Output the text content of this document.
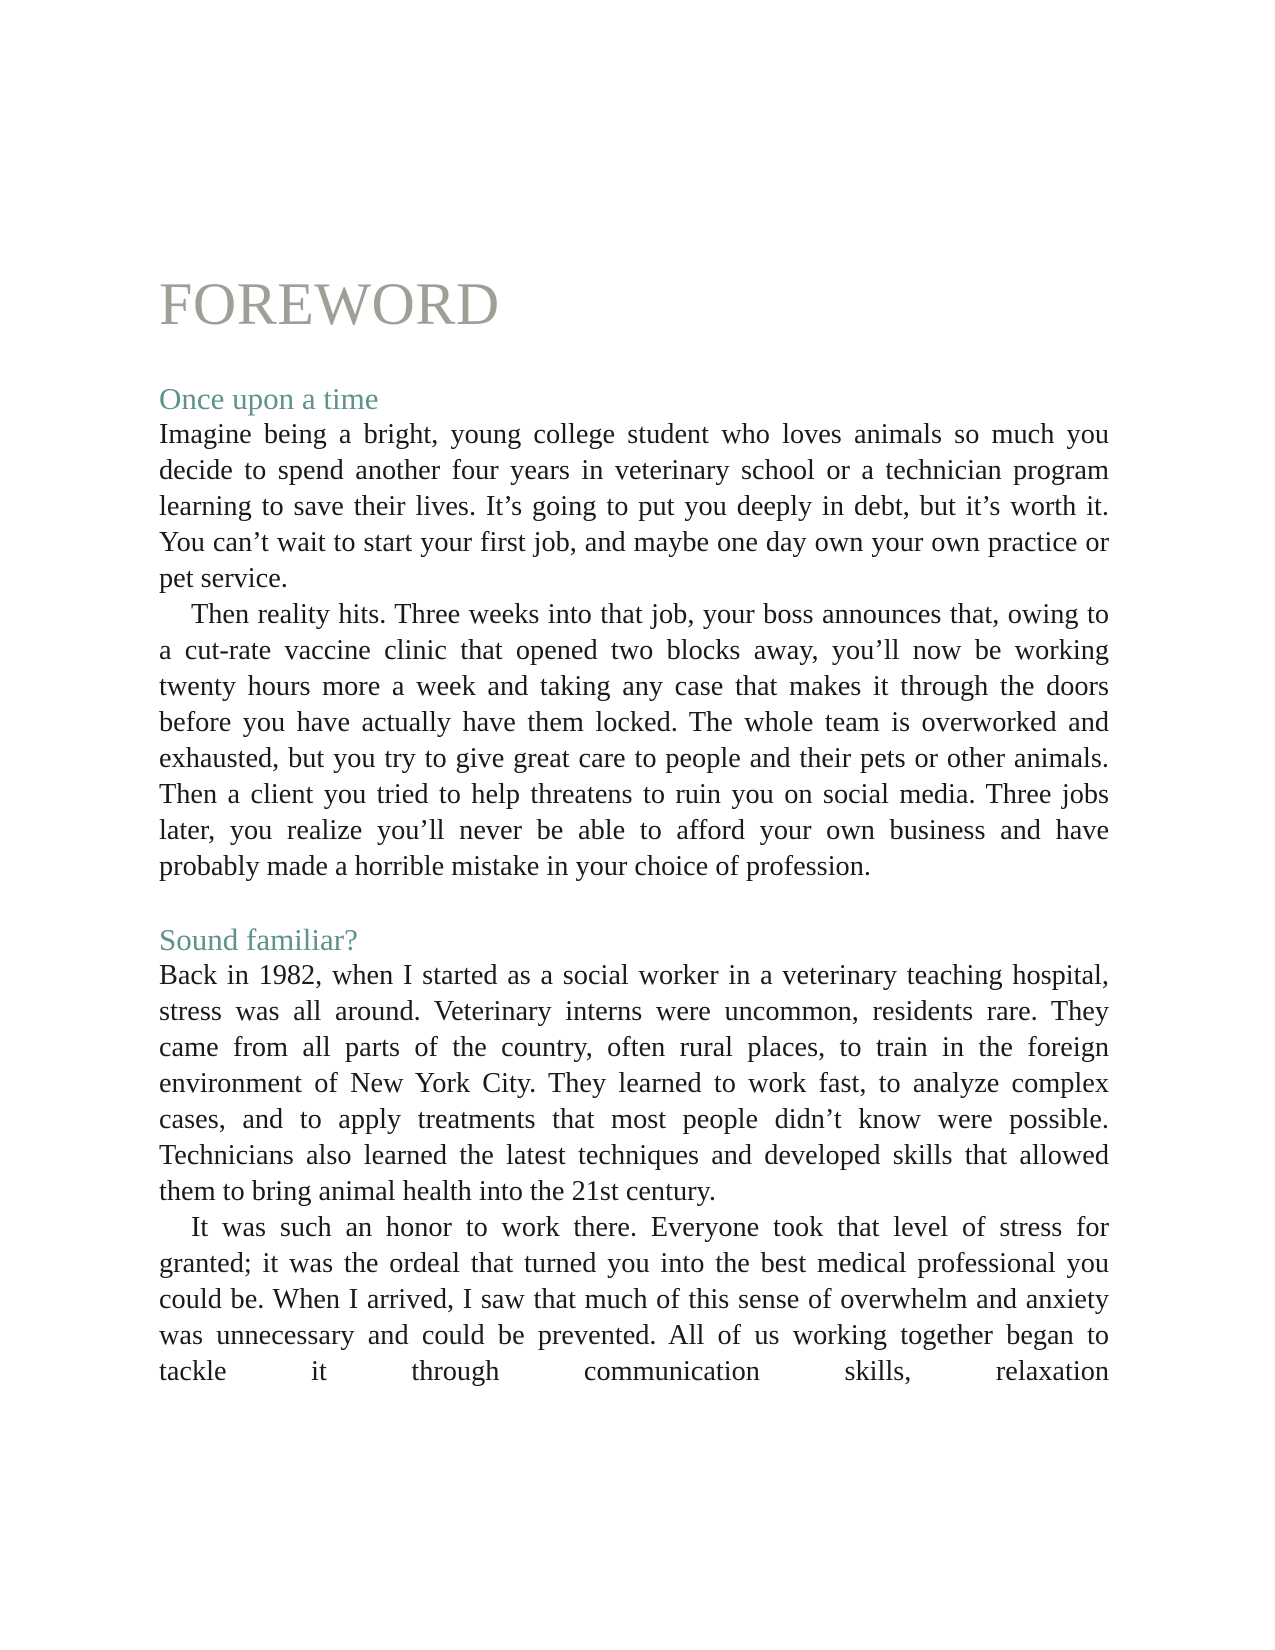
FOREWORD
Once upon a time

Imagine being a bright, young college student who loves animals so much you decide to spend another four years in veterinary school or a technician program learning to save their lives. It’s going to put you deeply in debt, but it’s worth it. You can’t wait to start your first job, and maybe one day own your own practice or pet service.

Then reality hits. Three weeks into that job, your boss announces that, owing to a cut-rate vaccine clinic that opened two blocks away, you’ll now be working twenty hours more a week and taking any case that makes it through the doors before you have actually have them locked. The whole team is overworked and exhausted, but you try to give great care to people and their pets or other animals. Then a client you tried to help threatens to ruin you on social media. Three jobs later, you realize you’ll never be able to afford your own business and have probably made a horrible mistake in your choice of profession.

Sound familiar?

Back in 1982, when I started as a social worker in a veterinary teaching hospital, stress was all around. Veterinary interns were uncommon, residents rare. They came from all parts of the country, often rural places, to train in the foreign environment of New York City. They learned to work fast, to analyze complex cases, and to apply treatments that most people didn’t know were possible. Technicians also learned the latest techniques and developed skills that allowed them to bring animal health into the 21st century.

It was such an honor to work there. Everyone took that level of stress for granted; it was the ordeal that turned you into the best medical professional you could be. When I arrived, I saw that much of this sense of overwhelm and anxiety was unnecessary and could be prevented. All of us working together began to tackle it through communication skills, relaxation
